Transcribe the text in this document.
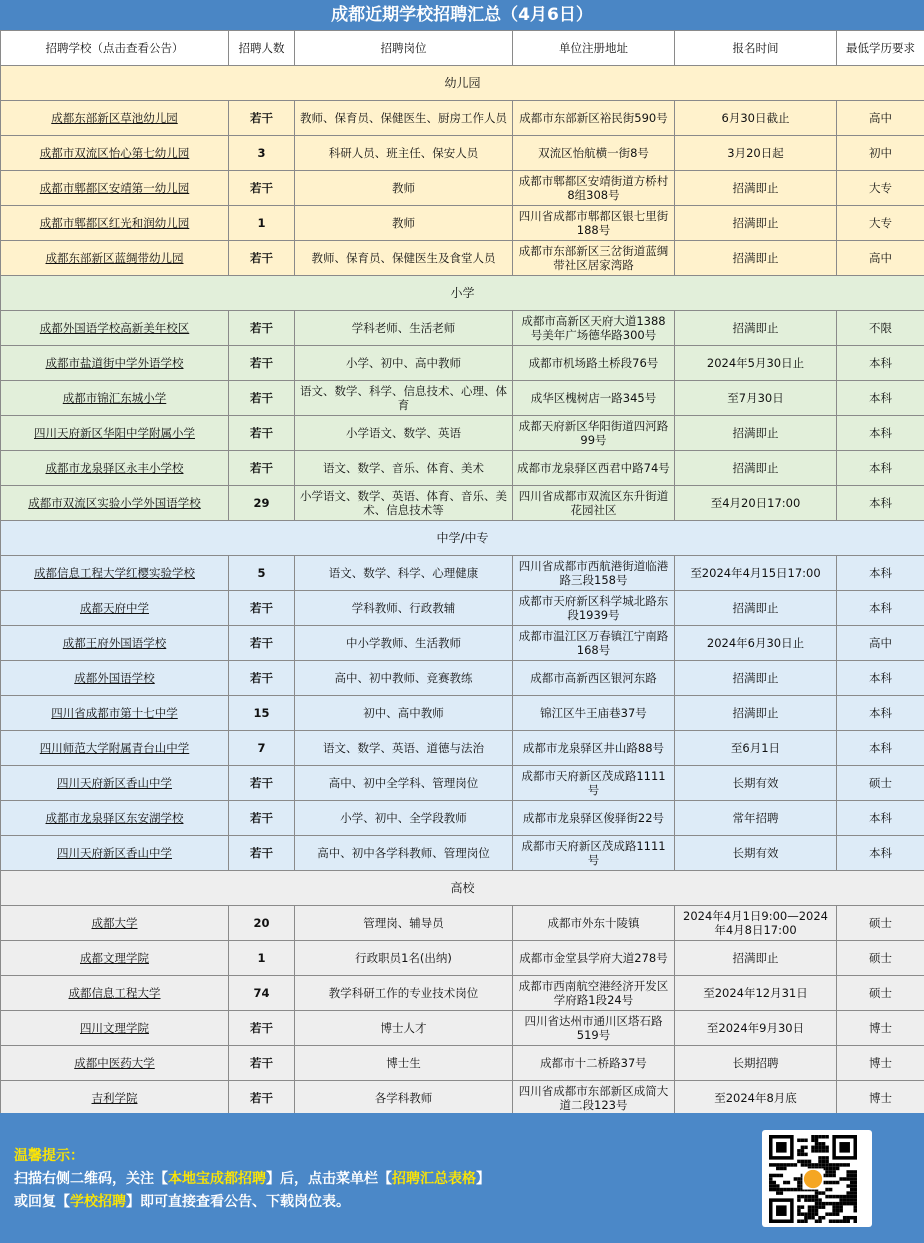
成都近期学校招聘汇总（4月6日）
招聘学校（点击查看公告）	招聘人数	招聘岗位	单位注册地址	报名时间	最低学历要求
幼儿园					
成都东部新区草池幼儿园	若干	教师、保育员、保健医生、厨房工作人员	成都市东部新区裕民街590号	6月30日截止	高中
成都市双流区怡心第七幼儿园	3	科研人员、班主任、保安人员	双流区怡航横一街8号	3月20日起	初中
成都市郫都区安靖第一幼儿园	若干	教师	成都市郫都区安靖街道方桥村8组308号	招满即止	大专
成都市郫都区红光和润幼儿园	1	教师	四川省成都市郫都区银七里街188号	招满即止	大专
成都东部新区蓝绸带幼儿园	若干	教师、保育员、保健医生及食堂人员	成都市东部新区三岔街道蓝绸带社区居家湾路	招满即止	高中
小学					
成都外国语学校高新美年校区	若干	学科老师、生活老师	成都市高新区天府大道1388号美年广场德华路300号	招满即止	不限
成都市盐道街中学外语学校	若干	小学、初中、高中教师	成都市机场路土桥段76号	2024年5月30日止	本科
成都市锦汇东城小学	若干	语文、数学、科学、信息技术、心理、体育	成华区槐树店一路345号	至7月30日	本科
四川天府新区华阳中学附属小学	若干	小学语文、数学、英语	成都天府新区华阳街道四河路99号	招满即止	本科
成都市龙泉驿区永丰小学校	若干	语文、数学、音乐、体育、美术	成都市龙泉驿区西君中路74号	招满即止	本科
成都市双流区实验小学外国语学校	29	小学语文、数学、英语、体育、音乐、美术、信息技术等	四川省成都市双流区东升街道花园社区	至4月20日17:00	本科
中学/中专					
成都信息工程大学红樱实验学校	5	语文、数学、科学、心理健康	四川省成都市西航港街道临港路三段158号	至2024年4月15日17:00	本科
成都天府中学	若干	学科教师、行政教辅	成都市天府新区科学城北路东段1939号	招满即止	本科
成都王府外国语学校	若干	中小学教师、生活教师	成都市温江区万春镇江宁南路168号	2024年6月30日止	高中
成都外国语学校	若干	高中、初中教师、竞赛教练	成都市高新西区银河东路	招满即止	本科
四川省成都市第十七中学	15	初中、高中教师	锦江区牛王庙巷37号	招满即止	本科
四川师范大学附属青台山中学	7	语文、数学、英语、道德与法治	成都市龙泉驿区井山路88号	至6月1日	本科
四川天府新区香山中学	若干	高中、初中全学科、管理岗位	成都市天府新区茂成路1111号	长期有效	硕士
成都市龙泉驿区东安湖学校	若干	小学、初中、全学段教师	成都市龙泉驿区俊驿街22号	常年招聘	本科
四川天府新区香山中学	若干	高中、初中各学科教师、管理岗位	成都市天府新区茂成路1111号	长期有效	本科
高校					
成都大学	20	管理岗、辅导员	成都市外东十陵镇	2024年4月1日9:00—2024年4月8日17:00	硕士
成都文理学院	1	行政职员1名(出纳)	成都市金堂县学府大道278号	招满即止	硕士
成都信息工程大学	74	教学科研工作的专业技术岗位	成都市西南航空港经济开发区学府路1段24号	至2024年12月31日	硕士
四川文理学院	若干	博士人才	四川省达州市通川区塔石路519号	至2024年9月30日	博士
成都中医药大学	若干	博士生	成都市十二桥路37号	长期招聘	博士
吉利学院	若干	各学科教师	四川省成都市东部新区成简大道二段123号	至2024年8月底	博士
温馨提示：
扫描右侧二维码，关注【本地宝成都招聘】后，点击菜单栏【招聘汇总表格】
或回复【学校招聘】即可直接查看公告、下载岗位表。
